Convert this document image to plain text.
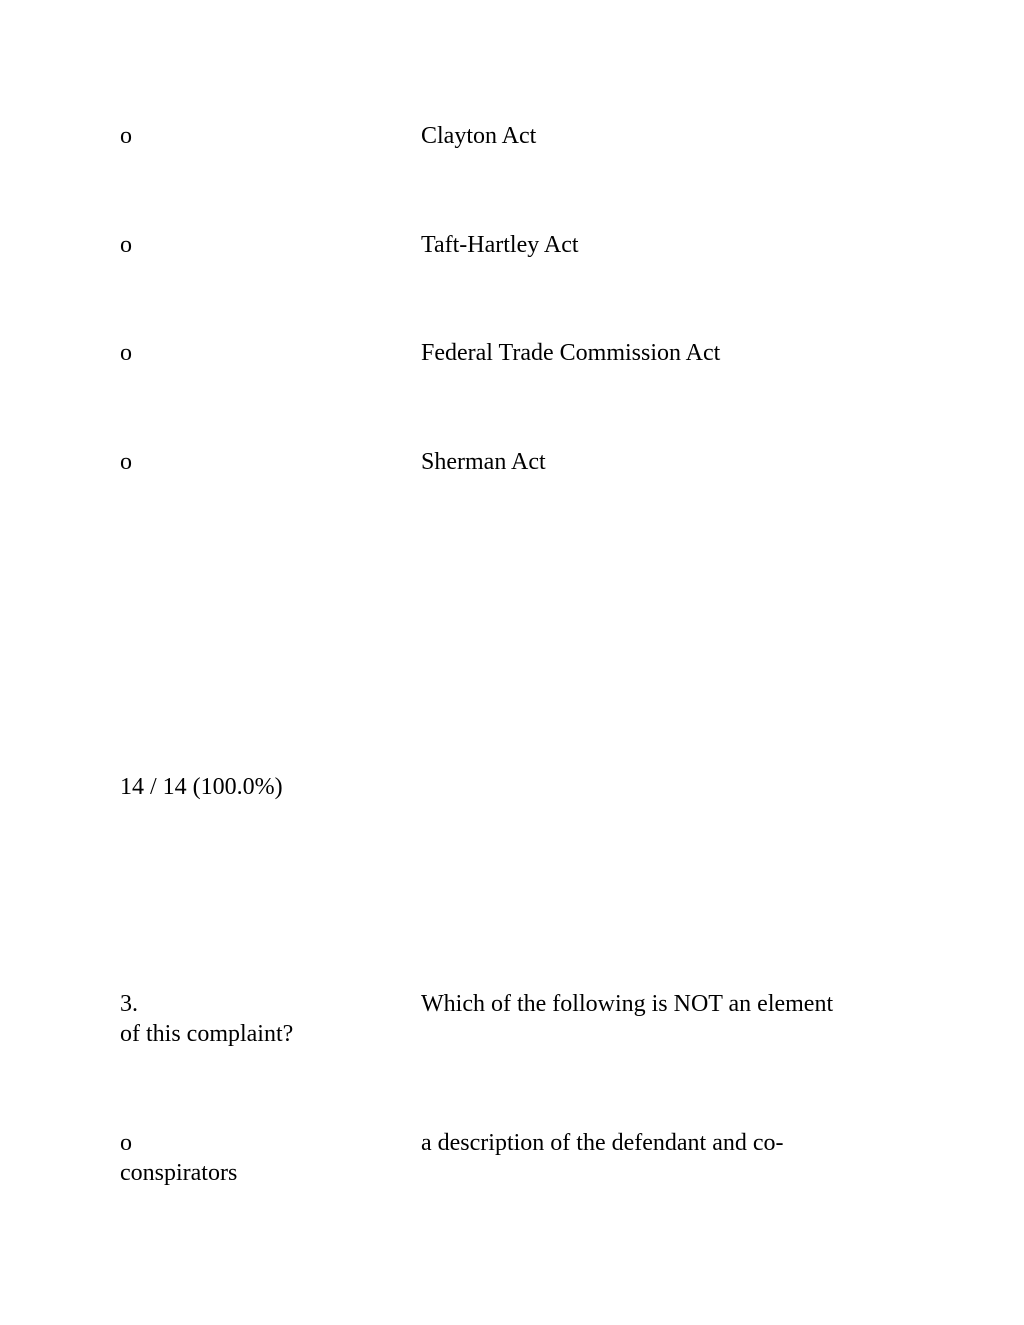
o	Clayton Act
o	Taft-Hartley Act
o	Federal Trade Commission Act
o	Sherman Act
14 / 14 (100.0%)
3.	Which of the following is NOT an element
of this complaint?
o	a description of the defendant and co-
conspirators
